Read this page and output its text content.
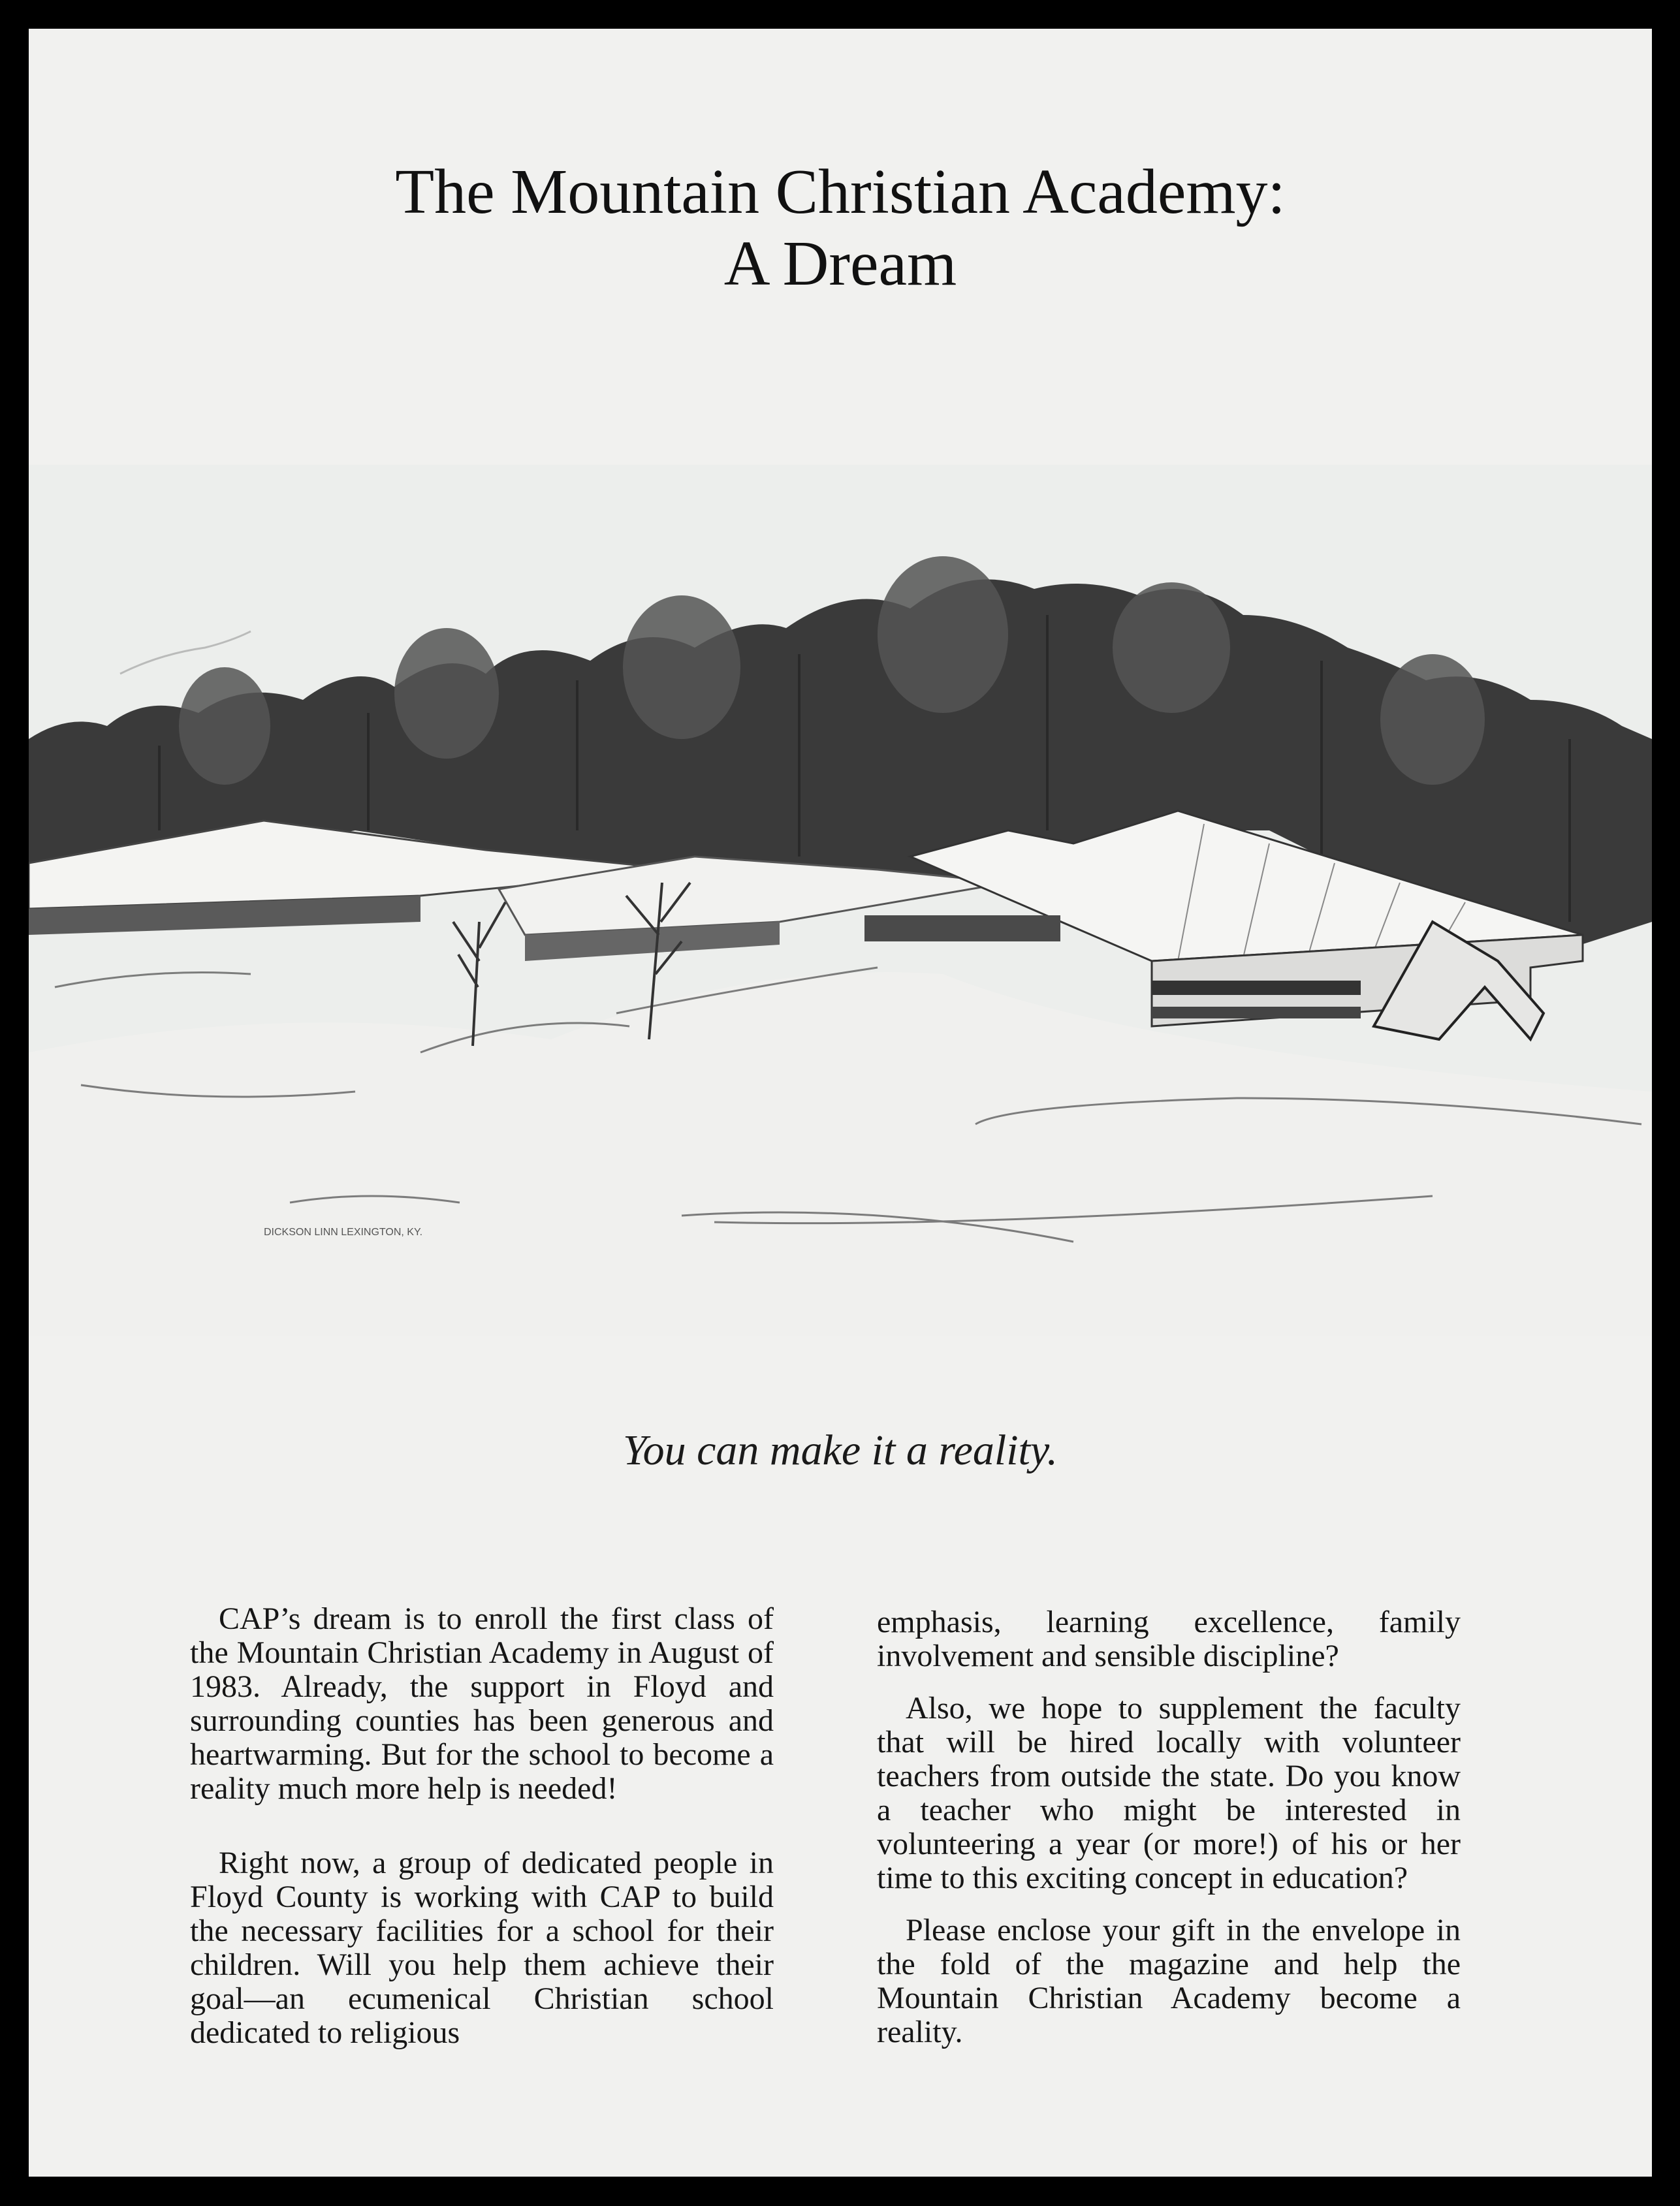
The Mountain Christian Academy:
A Dream
DICKSON LINN LEXINGTON, KY.
You can make it a reality.

CAP’s dream is to enroll the first class of the Mountain Christian Academy in August of 1983. Already, the support in Floyd and surrounding counties has been generous and heartwarming. But for the school to become a reality much more help is needed!

Right now, a group of dedicated people in Floyd County is working with CAP to build the necessary facilities for a school for their children. Will you help them achieve their goal—an ecumenical Christian school dedicated to religious

emphasis, learning excellence, family involvement and sensible discipline?

Also, we hope to supplement the faculty that will be hired locally with volunteer teachers from outside the state. Do you know a teacher who might be interested in volunteering a year (or more!) of his or her time to this exciting concept in education?

Please enclose your gift in the envelope in the fold of the magazine and help the Mountain Christian Academy become a reality.
